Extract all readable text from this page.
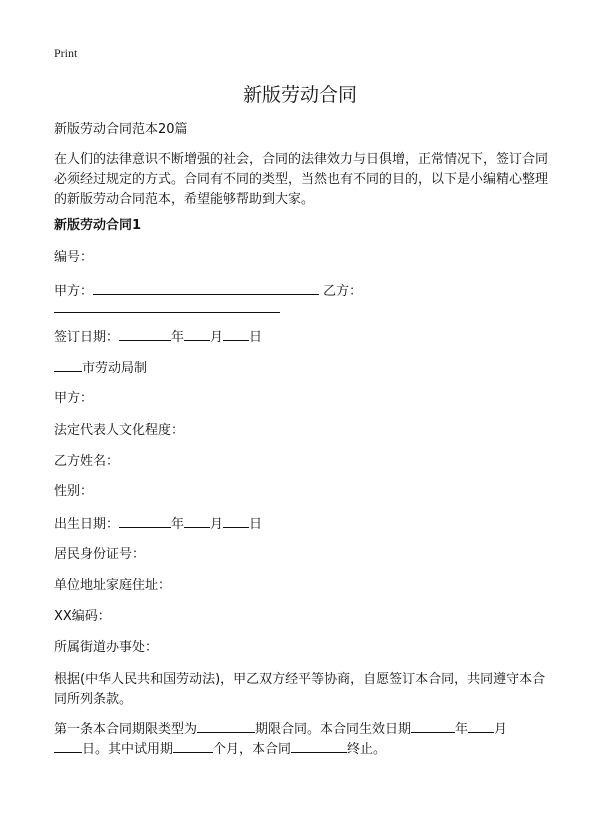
Print
新版劳动合同
新版劳动合同范本20篇
在人们的法律意识不断增强的社会，合同的法律效力与日俱增，正常情况下，签订合同必须经过规定的方式。合同有不同的类型，当然也有不同的目的，以下是小编精心整理的新版劳动合同范本，希望能够帮助到大家。
新版劳动合同1
编号：
甲方：	乙方：
签订日期：	年 月 日
市劳动局制
甲方：
法定代表人文化程度：
乙方姓名：
性别：
出生日期：	年 月 日
居民身份证号：
单位地址家庭住址：
XX编码：
所属街道办事处：
根据(中华人民共和国劳动法)，甲乙双方经平等协商，自愿签订本合同，共同遵守本合同所列条款。
第一条本合同期限类型为	期限合同。本合同生效日期	年 月
日。其中试用期	个月，本合同	终止。
